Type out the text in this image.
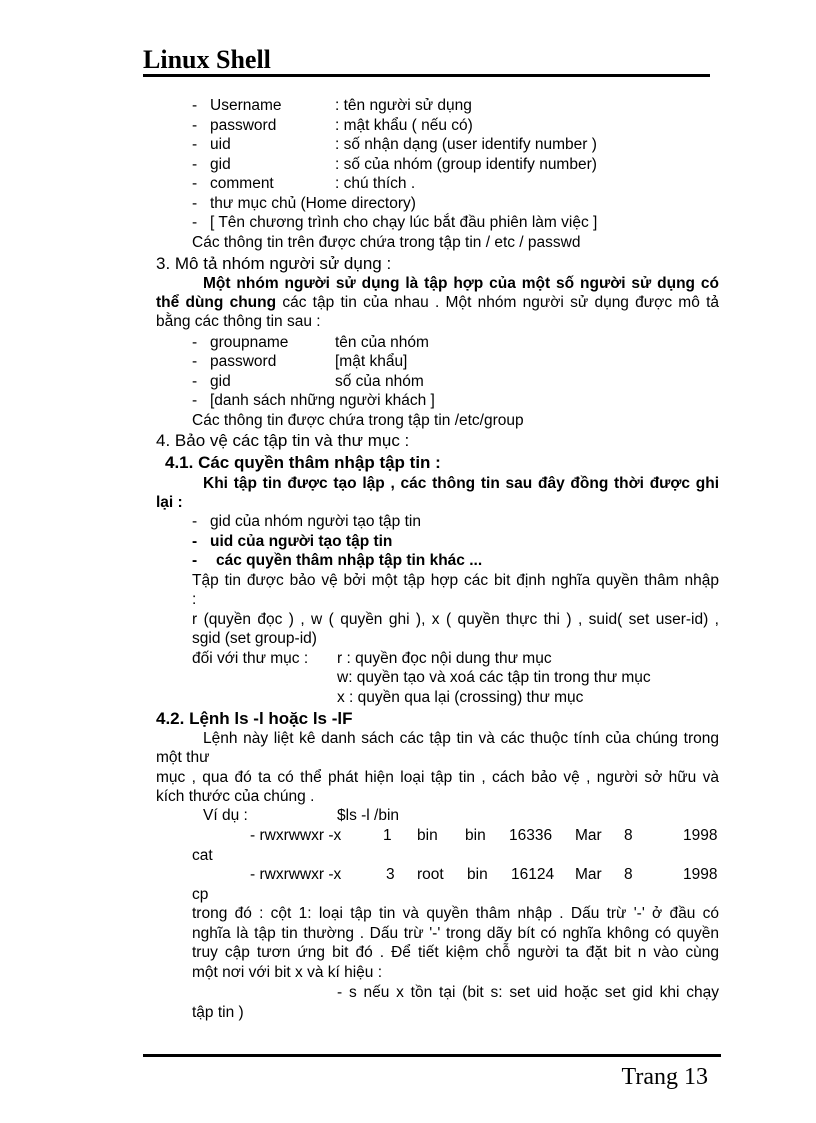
Linux Shell
- Username	: tên người sử dụng
- password	: mật khẩu ( nếu có)
- uid	: số nhận dạng (user identify number )
- gid	: số của nhóm (group identify number)
- comment	: chú thích .
- thư mục chủ (Home directory)
- [ Tên chương trình cho chạy lúc bắt đầu phiên làm việc ]
Các thông tin trên được chứa trong tập tin / etc / passwd
3. Mô tả nhóm người sử dụng :
Một nhóm người sử dụng là tập hợp của một số người sử dụng có
thể dùng chung các tập tin của nhau . Một nhóm người sử dụng được mô tả
bằng các thông tin sau :
- groupname	tên của nhóm
- password	[mật khẩu]
- gid	số của nhóm
- [danh sách những người khách ]
Các thông tin được chứa trong tập tin /etc/group
4. Bảo vệ các tập tin và thư mục :
4.1. Các quyền thâm nhập tập tin :
Khi tập tin được tạo lập , các thông tin sau đây đồng thời được ghi
lại :
- gid của nhóm người tạo tập tin
- uid của người tạo tập tin
- các quyền thâm nhập tập tin khác ...
Tập tin được bảo vệ bởi một tập hợp các bit định nghĩa quyền thâm nhập
:
r (quyền đọc ) , w ( quyền ghi ), x ( quyền thực thi ) , suid( set user-id) ,
sgid (set group-id)
đối với thư mục : r : quyền đọc nội dung thư mục
w: quyền tạo và xoá các tập tin trong thư mục
x : quyền qua lại (crossing) thư mục
4.2. Lệnh ls -l hoặc ls -lF
Lệnh này liệt kê danh sách các tập tin và các thuộc tính của chúng trong
một thư
mục , qua đó ta có thể phát hiện loại tập tin , cách bảo vệ , người sở hữu và
kích thước của chúng .
Ví dụ :	$ls -l /bin
- rwxrwwxr -x	1 bin bin 16336 Mar 8	1998
cat
- rwxrwwxr -x	3 root bin 16124 Mar 8	1998
cp
trong đó : cột 1: loại tập tin và quyền thâm nhập . Dấu trừ '-' ở đầu có
nghĩa là tập tin thường . Dấu trừ '-' trong dãy bít có nghĩa không có quyền
truy cập tươn ứng bit đó . Để tiết kiệm chỗ người ta đặt bit n vào cùng
một nơi với bit x và kí hiệu :
- s nếu x tồn tại (bit s: set uid hoặc set gid khi chạy
tập tin )
Trang 13
